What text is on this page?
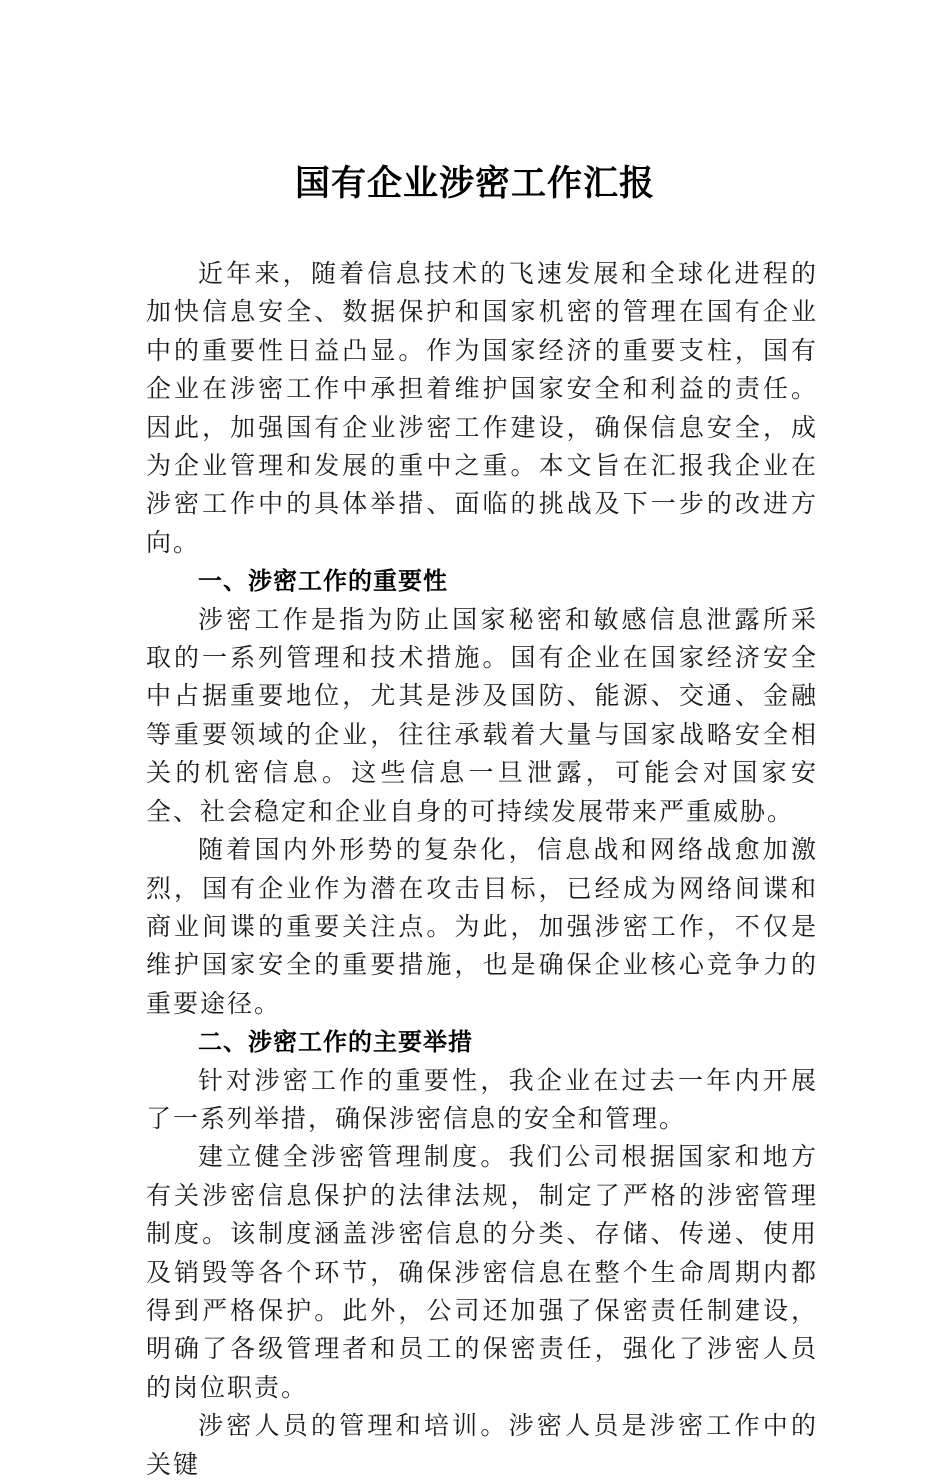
国有企业涉密工作汇报

近年来，随着信息技术的飞速发展和全球化进程的加快信息安全、数据保护和国家机密的管理在国有企业中的重要性日益凸显。作为国家经济的重要支柱，国有企业在涉密工作中承担着维护国家安全和利益的责任。因此，加强国有企业涉密工作建设，确保信息安全，成为企业管理和发展的重中之重。本文旨在汇报我企业在涉密工作中的具体举措、面临的挑战及下一步的改进方向。

一、涉密工作的重要性

涉密工作是指为防止国家秘密和敏感信息泄露所采取的一系列管理和技术措施。国有企业在国家经济安全中占据重要地位，尤其是涉及国防、能源、交通、金融等重要领域的企业，往往承载着大量与国家战略安全相关的机密信息。这些信息一旦泄露，可能会对国家安全、社会稳定和企业自身的可持续发展带来严重威胁。

随着国内外形势的复杂化，信息战和网络战愈加激烈，国有企业作为潜在攻击目标，已经成为网络间谍和商业间谍的重要关注点。为此，加强涉密工作，不仅是维护国家安全的重要措施，也是确保企业核心竞争力的重要途径。

二、涉密工作的主要举措

针对涉密工作的重要性，我企业在过去一年内开展了一系列举措，确保涉密信息的安全和管理。

建立健全涉密管理制度。我们公司根据国家和地方有关涉密信息保护的法律法规，制定了严格的涉密管理制度。该制度涵盖涉密信息的分类、存储、传递、使用及销毁等各个环节，确保涉密信息在整个生命周期内都得到严格保护。此外，公司还加强了保密责任制建设，明确了各级管理者和员工的保密责任，强化了涉密人员的岗位职责。

涉密人员的管理和培训。涉密人员是涉密工作中的关键
